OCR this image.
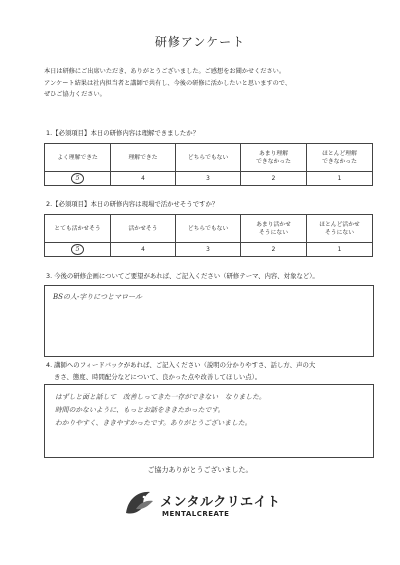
研修アンケート
本日は研修にご出席いただき、ありがとうございました。ご感想をお聞かせください。
アンケート結果は社内担当者と講師で共有し、今後の研修に活かしたいと思いますので、
ぜひご協力ください。
1.【必須項目】本日の研修内容は理解できましたか？
よく理解できた	理解できた	どちらでもない	あまり理解
できなかった	ほとんど理解
できなかった
5	4	3	2	1
2.【必須項目】本日の研修内容は現場で活かせそうですか？
とても活かせそう	活かせそう	どちらでもない	あまり活かせ
そうにない	ほとんど活かせ
そうにない
5	4	3	2	1
3. 今後の研修企画についてご要望があれば、ご記入ください（研修テーマ、内容、対象など）。
BSの人-字りにつとマロール
4. 講師へのフィードバックがあれば、ご記入ください（説明の分かりやすさ、話し方、声の大
きさ、態度、時間配分などについて、良かった点や改善してほしい点）。
はずしと面と話して　改善しってきた一存ができない　なりました。
時間のかないように、もっとお話をききたかったです。
わかりやすく、ききやすかったです。ありがとうございました。
ご協力ありがとうございました。
メンタルクリエイト
MENTALCREATE
